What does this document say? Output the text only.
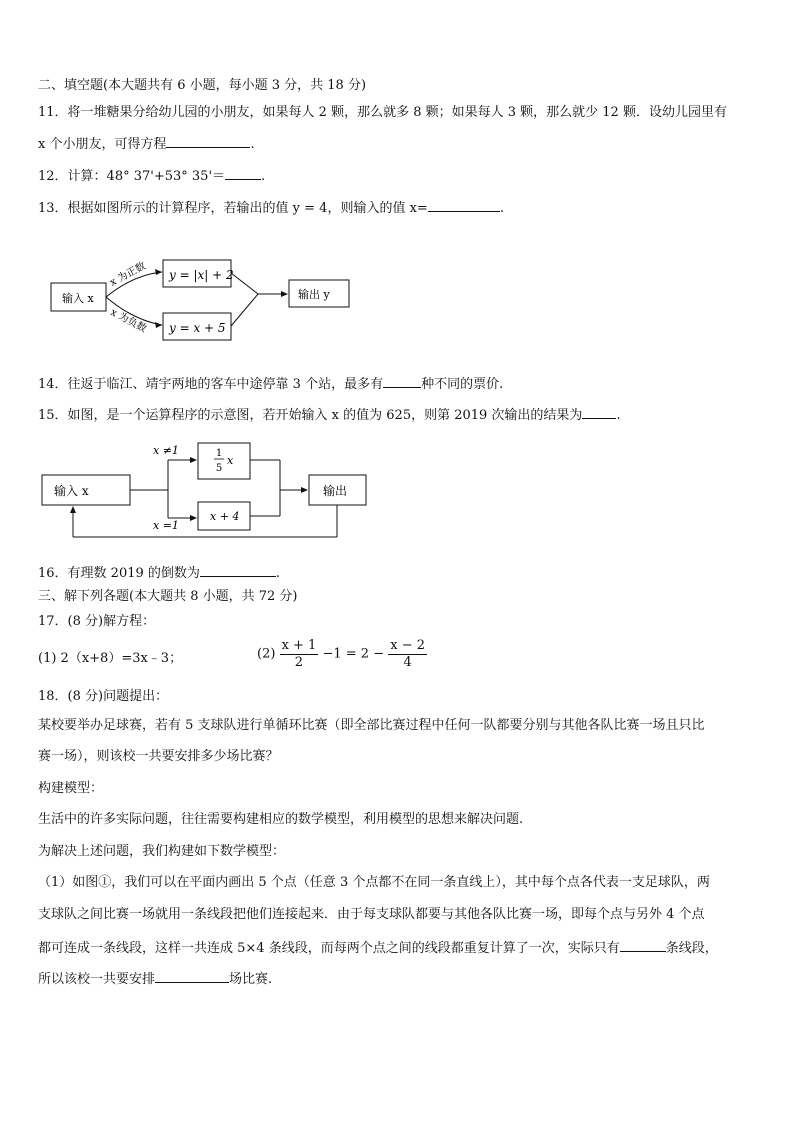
二、填空题(本大题共有 6 小题，每小题 3 分，共 18 分)
11．将一堆糖果分给幼儿园的小朋友，如果每人 2 颗，那么就多 8 颗；如果每人 3 颗，那么就少 12 颗．设幼儿园里有
x 个小朋友，可得方程	.
12．计算：48° 37'+53° 35'＝	.
13．根据如图所示的计算程序，若输出的值 y = 4，则输入的值 x=	.
输入 x
x 为正数
x 为负数
y = |x| + 2
y = x + 5
输出 y
14．往返于临江、靖宇两地的客车中途停靠 3 个站，最多有	种不同的票价.
15．如图，是一个运算程序的示意图，若开始输入 x 的值为 625，则第 2019 次输出的结果为	.
输入 x
x ≠1
x =1
1
5
x
x + 4
输出
16．有理数 2019 的倒数为	.
三、解下列各题(本大题共 8 小题，共 72 分)
17．(8 分)解方程：
(1) 2（x+8）=3x﹣3；	$(2) \frac{x + 1}{2} -1 = 2 - \frac{x - 2}{4}$
18．(8 分)问题提出：
某校要举办足球赛，若有 5 支球队进行单循环比赛（即全部比赛过程中任何一队都要分别与其他各队比赛一场且只比
赛一场），则该校一共要安排多少场比赛？
构建模型：
生活中的许多实际问题，往往需要构建相应的数学模型，利用模型的思想来解决问题.
为解决上述问题，我们构建如下数学模型：
（1）如图①，我们可以在平面内画出 5 个点（任意 3 个点都不在同一条直线上），其中每个点各代表一支足球队，两
支球队之间比赛一场就用一条线段把他们连接起来．由于每支球队都要与其他各队比赛一场，即每个点与另外 4 个点
都可连成一条线段，这样一共连成 5×4 条线段，而每两个点之间的线段都重复计算了一次，实际只有	条线段，
所以该校一共要安排	场比赛.
